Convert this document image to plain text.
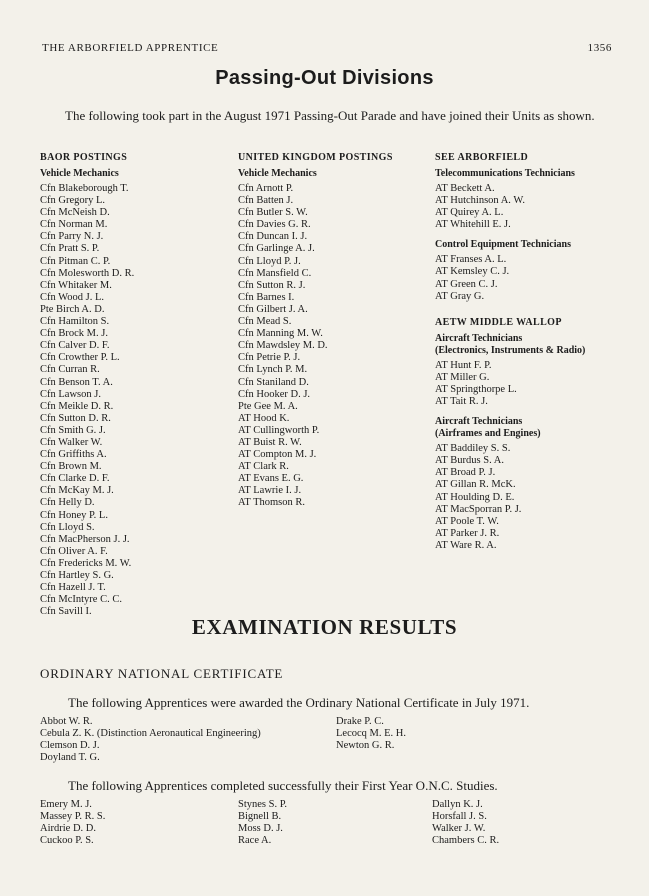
THE ARBORFIELD APPRENTICE	1356
Passing-Out Divisions
The following took part in the August 1971 Passing-Out Parade and have joined their Units as shown.
BAOR POSTINGS
Vehicle Mechanics
Cfn Blakeborough T.
Cfn Gregory L.
Cfn McNeish D.
Cfn Norman M.
Cfn Parry N. J.
Cfn Pratt S. P.
Cfn Pitman C. P.
Cfn Molesworth D. R.
Cfn Whitaker M.
Cfn Wood J. L.
Pte Birch A. D.
Cfn Hamilton S.
Cfn Brock M. J.
Cfn Calver D. F.
Cfn Crowther P. L.
Cfn Curran R.
Cfn Benson T. A.
Cfn Lawson J.
Cfn Meikle D. R.
Cfn Sutton D. R.
Cfn Smith G. J.
Cfn Walker W.
Cfn Griffiths A.
Cfn Brown M.
Cfn Clarke D. F.
Cfn McKay M. J.
Cfn Helly D.
Cfn Honey P. L.
Cfn Lloyd S.
Cfn MacPherson J. J.
Cfn Oliver A. F.
Cfn Fredericks M. W.
Cfn Hartley S. G.
Cfn Hazell J. T.
Cfn McIntyre C. C.
Cfn Savill I.
UNITED KINGDOM POSTINGS
Vehicle Mechanics
Cfn Arnott P.
Cfn Batten J.
Cfn Butler S. W.
Cfn Davies G. R.
Cfn Duncan I. J.
Cfn Garlinge A. J.
Cfn Lloyd P. J.
Cfn Mansfield C.
Cfn Sutton R. J.
Cfn Barnes I.
Cfn Gilbert J. A.
Cfn Mead S.
Cfn Manning M. W.
Cfn Mawdsley M. D.
Cfn Petrie P. J.
Cfn Lynch P. M.
Cfn Staniland D.
Cfn Hooker D. J.
Pte Gee M. A.
AT Hood K.
AT Cullingworth P.
AT Buist R. W.
AT Compton M. J.
AT Clark R.
AT Evans E. G.
AT Lawrie I. J.
AT Thomson R.
SEE ARBORFIELD
Telecommunications Technicians
AT Beckett A.
AT Hutchinson A. W.
AT Quirey A. L.
AT Whitehill E. J.
Control Equipment Technicians
AT Franses A. L.
AT Kemsley C. J.
AT Green C. J.
AT Gray G.
AETW MIDDLE WALLOP
Aircraft Technicians
(Electronics, Instruments & Radio)
AT Hunt F. P.
AT Miller G.
AT Springthorpe L.
AT Tait R. J.
Aircraft Technicians
(Airframes and Engines)
AT Baddiley S. S.
AT Burdus S. A.
AT Broad P. J.
AT Gillan R. McK.
AT Houlding D. E.
AT MacSporran P. J.
AT Poole T. W.
AT Parker J. R.
AT Ware R. A.
EXAMINATION RESULTS
ORDINARY NATIONAL CERTIFICATE
The following Apprentices were awarded the Ordinary National Certificate in July 1971.
Abbot W. R.
Cebula Z. K. (Distinction Aeronautical Engineering)
Clemson D. J.
Doyland T. G.
Drake P. C.
Lecocq M. E. H.
Newton G. R.
The following Apprentices completed successfully their First Year O.N.C. Studies.
Emery M. J.
Massey P. R. S.
Airdrie D. D.
Cuckoo P. S.
Stynes S. P.
Bignell B.
Moss D. J.
Race A.
Dallyn K. J.
Horsfall J. S.
Walker J. W.
Chambers C. R.
